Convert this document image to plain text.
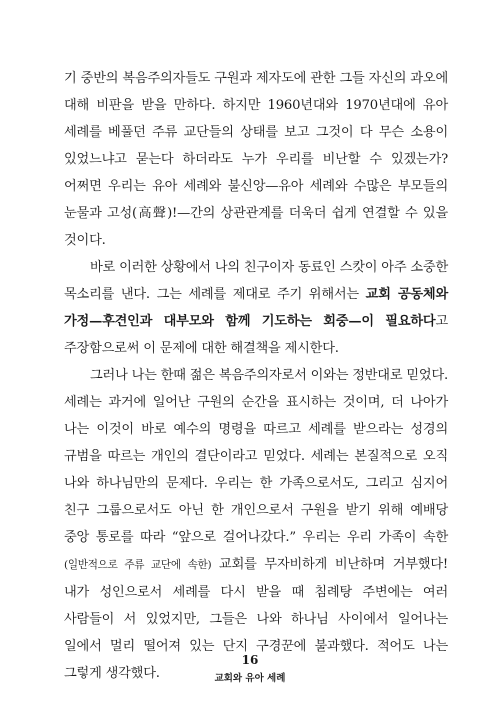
기 중반의 복음주의자들도 구원과 제자도에 관한 그들 자신의 과오에 대해 비판을 받을 만하다. 하지만 1960년대와 1970년대에 유아 세례를 베풀던 주류 교단들의 상태를 보고 그것이 다 무슨 소용이 있었느냐고 묻는다 하더라도 누가 우리를 비난할 수 있겠는가? 어쩌면 우리는 유아 세례와 불신앙—유아 세례와 수많은 부모들의 눈물과 고성(高聲)!—간의 상관관계를 더욱더 쉽게 연결할 수 있을 것이다.

바로 이러한 상황에서 나의 친구이자 동료인 스캇이 아주 소중한 목소리를 낸다. 그는 세례를 제대로 주기 위해서는 교회 공동체와 가정—후견인과 대부모와 함께 기도하는 회중—이 필요하다고 주장함으로써 이 문제에 대한 해결책을 제시한다.

그러나 나는 한때 젊은 복음주의자로서 이와는 정반대로 믿었다. 세례는 과거에 일어난 구원의 순간을 표시하는 것이며, 더 나아가 나는 이것이 바로 예수의 명령을 따르고 세례를 받으라는 성경의 규범을 따르는 개인의 결단이라고 믿었다. 세례는 본질적으로 오직 나와 하나님만의 문제다. 우리는 한 가족으로서도, 그리고 심지어 친구 그룹으로서도 아닌 한 개인으로서 구원을 받기 위해 예배당 중앙 통로를 따라 “앞으로 걸어나갔다.” 우리는 우리 가족이 속한(일반적으로 주류 교단에 속한) 교회를 무자비하게 비난하며 거부했다! 내가 성인으로서 세례를 다시 받을 때 침례탕 주변에는 여러 사람들이 서 있었지만, 그들은 나와 하나님 사이에서 일어나는 일에서 멀리 떨어져 있는 단지 구경꾼에 불과했다. 적어도 나는 그렇게 생각했다.

16
교회와 유아 세례
